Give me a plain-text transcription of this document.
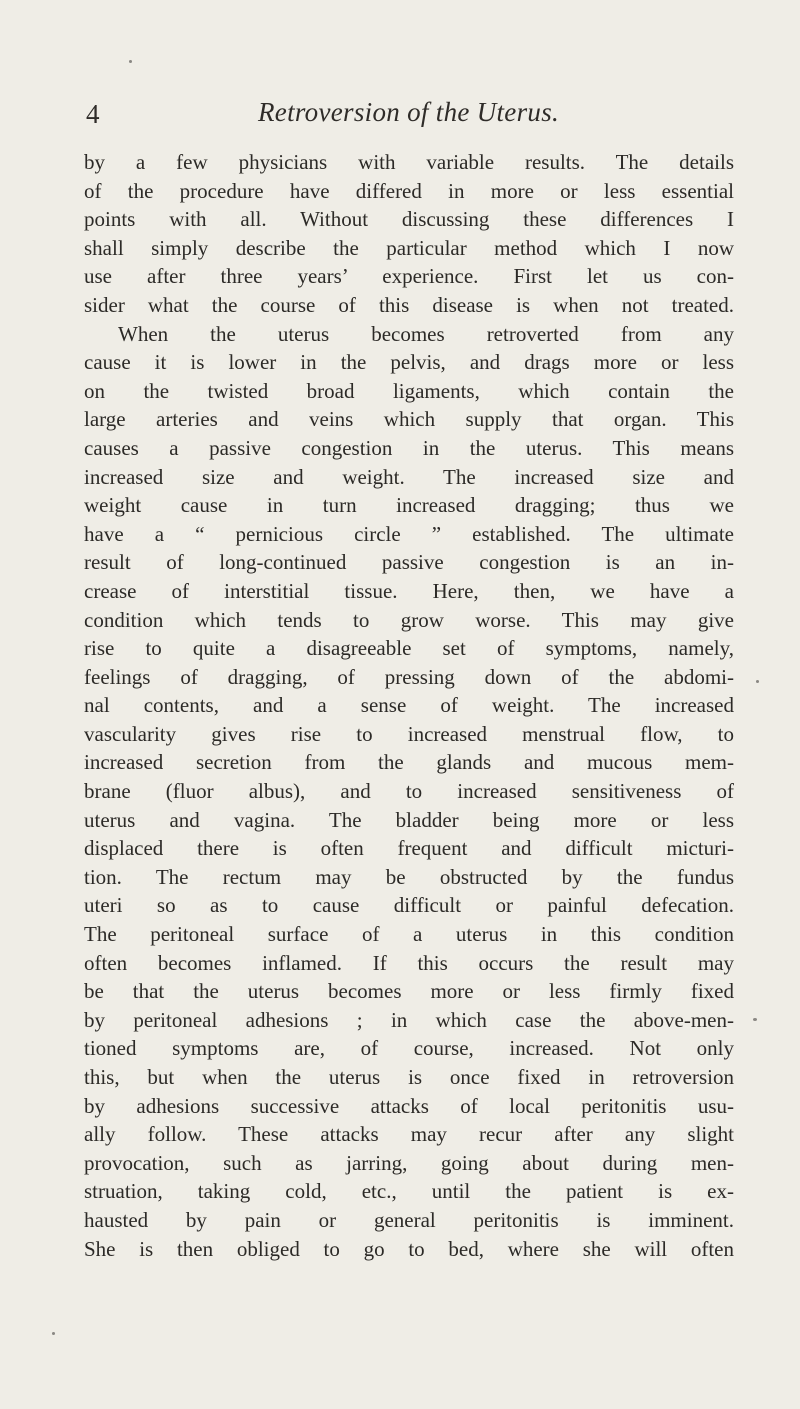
4	Retroversion of the Uterus.
by a few physicians with variable results. The details
of the procedure have differed in more or less essential
points with all. Without discussing these differences I
shall simply describe the particular method which I now
use after three years’ experience. First let us con-
sider what the course of this disease is when not treated.
When the uterus becomes retroverted from any
cause it is lower in the pelvis, and drags more or less
on the twisted broad ligaments, which contain the
large arteries and veins which supply that organ. This
causes a passive congestion in the uterus. This means
increased size and weight. The increased size and
weight cause in turn increased dragging; thus we
have a “ pernicious circle ” established. The ultimate
result of long-continued passive congestion is an in-
crease of interstitial tissue. Here, then, we have a
condition which tends to grow worse. This may give
rise to quite a disagreeable set of symptoms, namely,
feelings of dragging, of pressing down of the abdomi-
nal contents, and a sense of weight. The increased
vascularity gives rise to increased menstrual flow, to
increased secretion from the glands and mucous mem-
brane (fluor albus), and to increased sensitiveness of
uterus and vagina. The bladder being more or less
displaced there is often frequent and difficult micturi-
tion. The rectum may be obstructed by the fundus
uteri so as to cause difficult or painful defecation.
The peritoneal surface of a uterus in this condition
often becomes inflamed. If this occurs the result may
be that the uterus becomes more or less firmly fixed
by peritoneal adhesions ; in which case the above-men-
tioned symptoms are, of course, increased. Not only
this, but when the uterus is once fixed in retroversion
by adhesions successive attacks of local peritonitis usu-
ally follow. These attacks may recur after any slight
provocation, such as jarring, going about during men-
struation, taking cold, etc., until the patient is ex-
hausted by pain or general peritonitis is imminent.
She is then obliged to go to bed, where she will often
